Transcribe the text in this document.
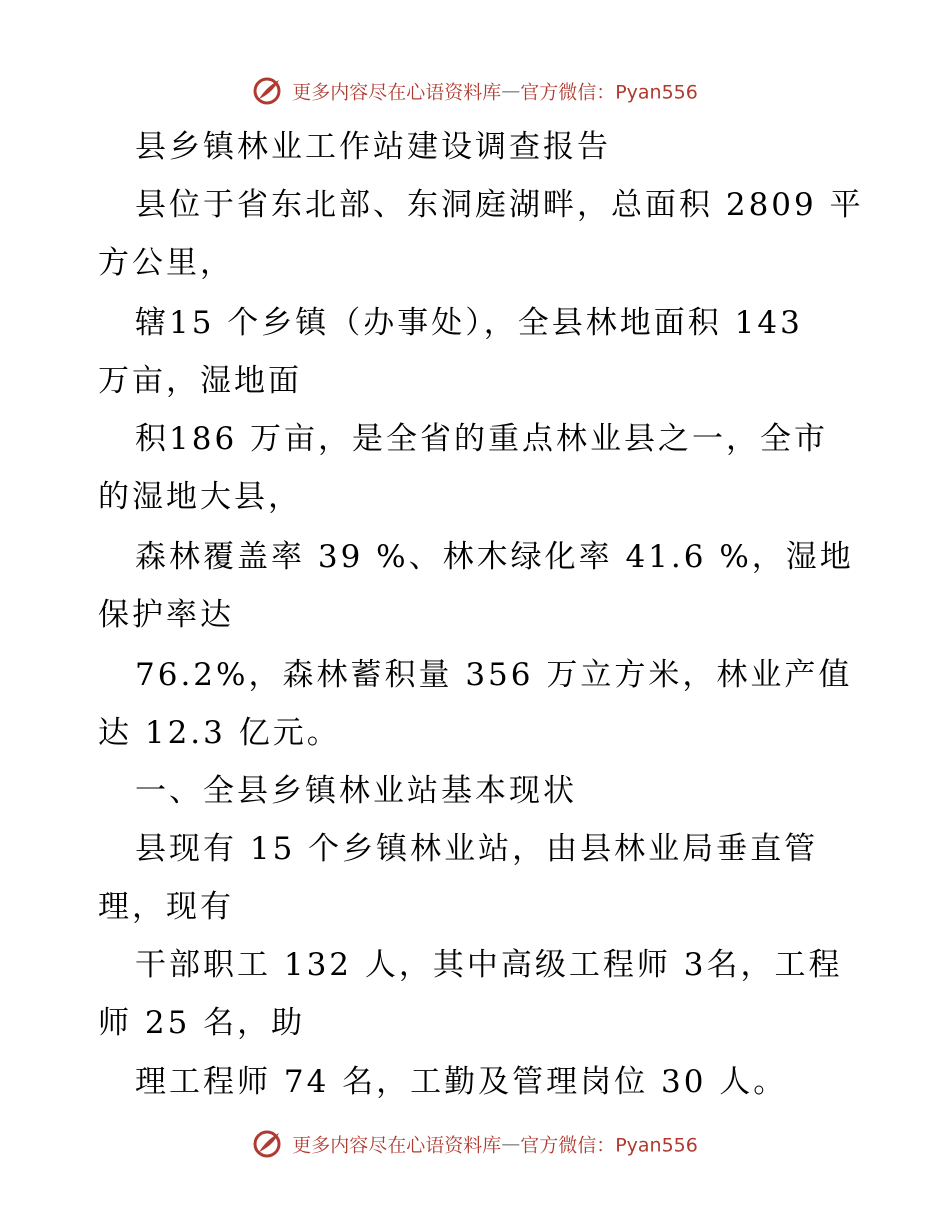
更多内容尽在心语资料库—官方微信：Pyan556
县乡镇林业工作站建设调查报告
县位于省东北部、东洞庭湖畔，总面积 2809 平
方公里，
辖15 个乡镇（办事处），全县林地面积 143
万亩，湿地面
积186 万亩，是全省的重点林业县之一，全市
的湿地大县，
森林覆盖率 39 %、林木绿化率 41.6 %，湿地
保护率达
76.2%，森林蓄积量 356 万立方米，林业产值
达 12.3 亿元。
一、全县乡镇林业站基本现状
县现有 15 个乡镇林业站，由县林业局垂直管
理，现有
干部职工 132 人，其中高级工程师 3名，工程
师 25 名，助
理工程师 74 名，工勤及管理岗位 30 人。
更多内容尽在心语资料库—官方微信：Pyan556
